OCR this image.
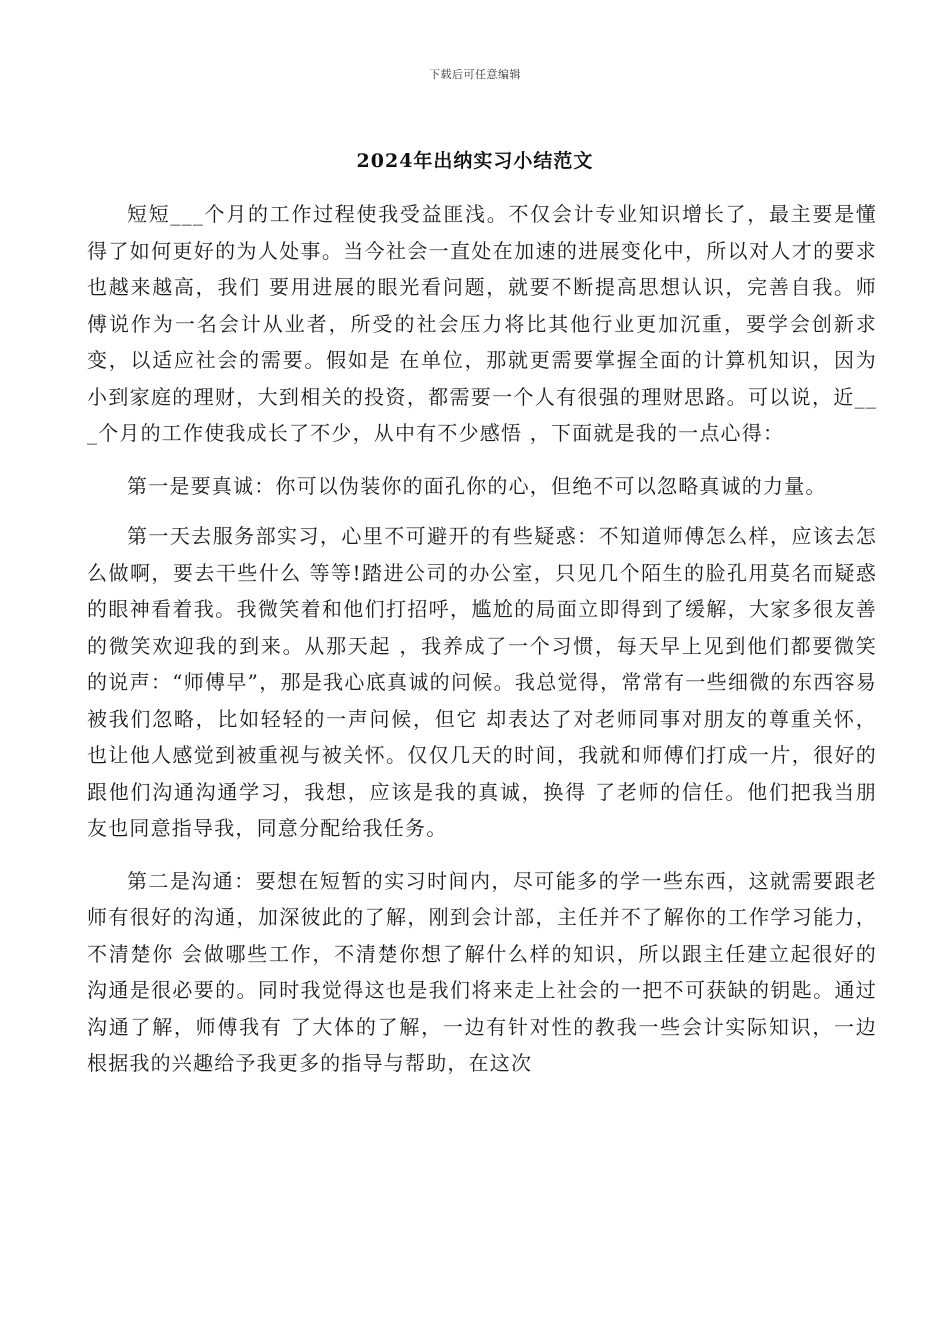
下载后可任意编辑
2024年出纳实习小结范文

短短___个月的工作过程使我受益匪浅。不仅会计专业知识增长了，最主要是懂得了如何更好的为人处事。当今社会一直处在加速的进展变化中，所以对人才的要求也越来越高，我们 要用进展的眼光看问题，就要不断提高思想认识，完善自我。师傅说作为一名会计从业者，所受的社会压力将比其他行业更加沉重，要学会创新求变，以适应社会的需要。假如是 在单位，那就更需要掌握全面的计算机知识，因为小到家庭的理财，大到相关的投资，都需要一个人有很强的理财思路。可以说，近___个月的工作使我成长了不少，从中有不少感悟 ，下面就是我的一点心得：

第一是要真诚：你可以伪装你的面孔你的心，但绝不可以忽略真诚的力量。

第一天去服务部实习，心里不可避开的有些疑惑：不知道师傅怎么样，应该去怎么做啊，要去干些什么 等等!踏进公司的办公室，只见几个陌生的脸孔用莫名而疑惑的眼神看着我。我微笑着和他们打招呼，尴尬的局面立即得到了缓解，大家多很友善的微笑欢迎我的到来。从那天起 ，我养成了一个习惯，每天早上见到他们都要微笑的说声：“师傅早”，那是我心底真诚的问候。我总觉得，常常有一些细微的东西容易被我们忽略，比如轻轻的一声问候，但它 却表达了对老师同事对朋友的尊重关怀，也让他人感觉到被重视与被关怀。仅仅几天的时间，我就和师傅们打成一片，很好的跟他们沟通沟通学习，我想，应该是我的真诚，换得 了老师的信任。他们把我当朋友也同意指导我，同意分配给我任务。

第二是沟通：要想在短暂的实习时间内，尽可能多的学一些东西，这就需要跟老师有很好的沟通，加深彼此的了解，刚到会计部，主任并不了解你的工作学习能力，不清楚你 会做哪些工作，不清楚你想了解什么样的知识，所以跟主任建立起很好的沟通是很必要的。同时我觉得这也是我们将来走上社会的一把不可获缺的钥匙。通过沟通了解，师傅我有 了大体的了解，一边有针对性的教我一些会计实际知识，一边根据我的兴趣给予我更多的指导与帮助，在这次
